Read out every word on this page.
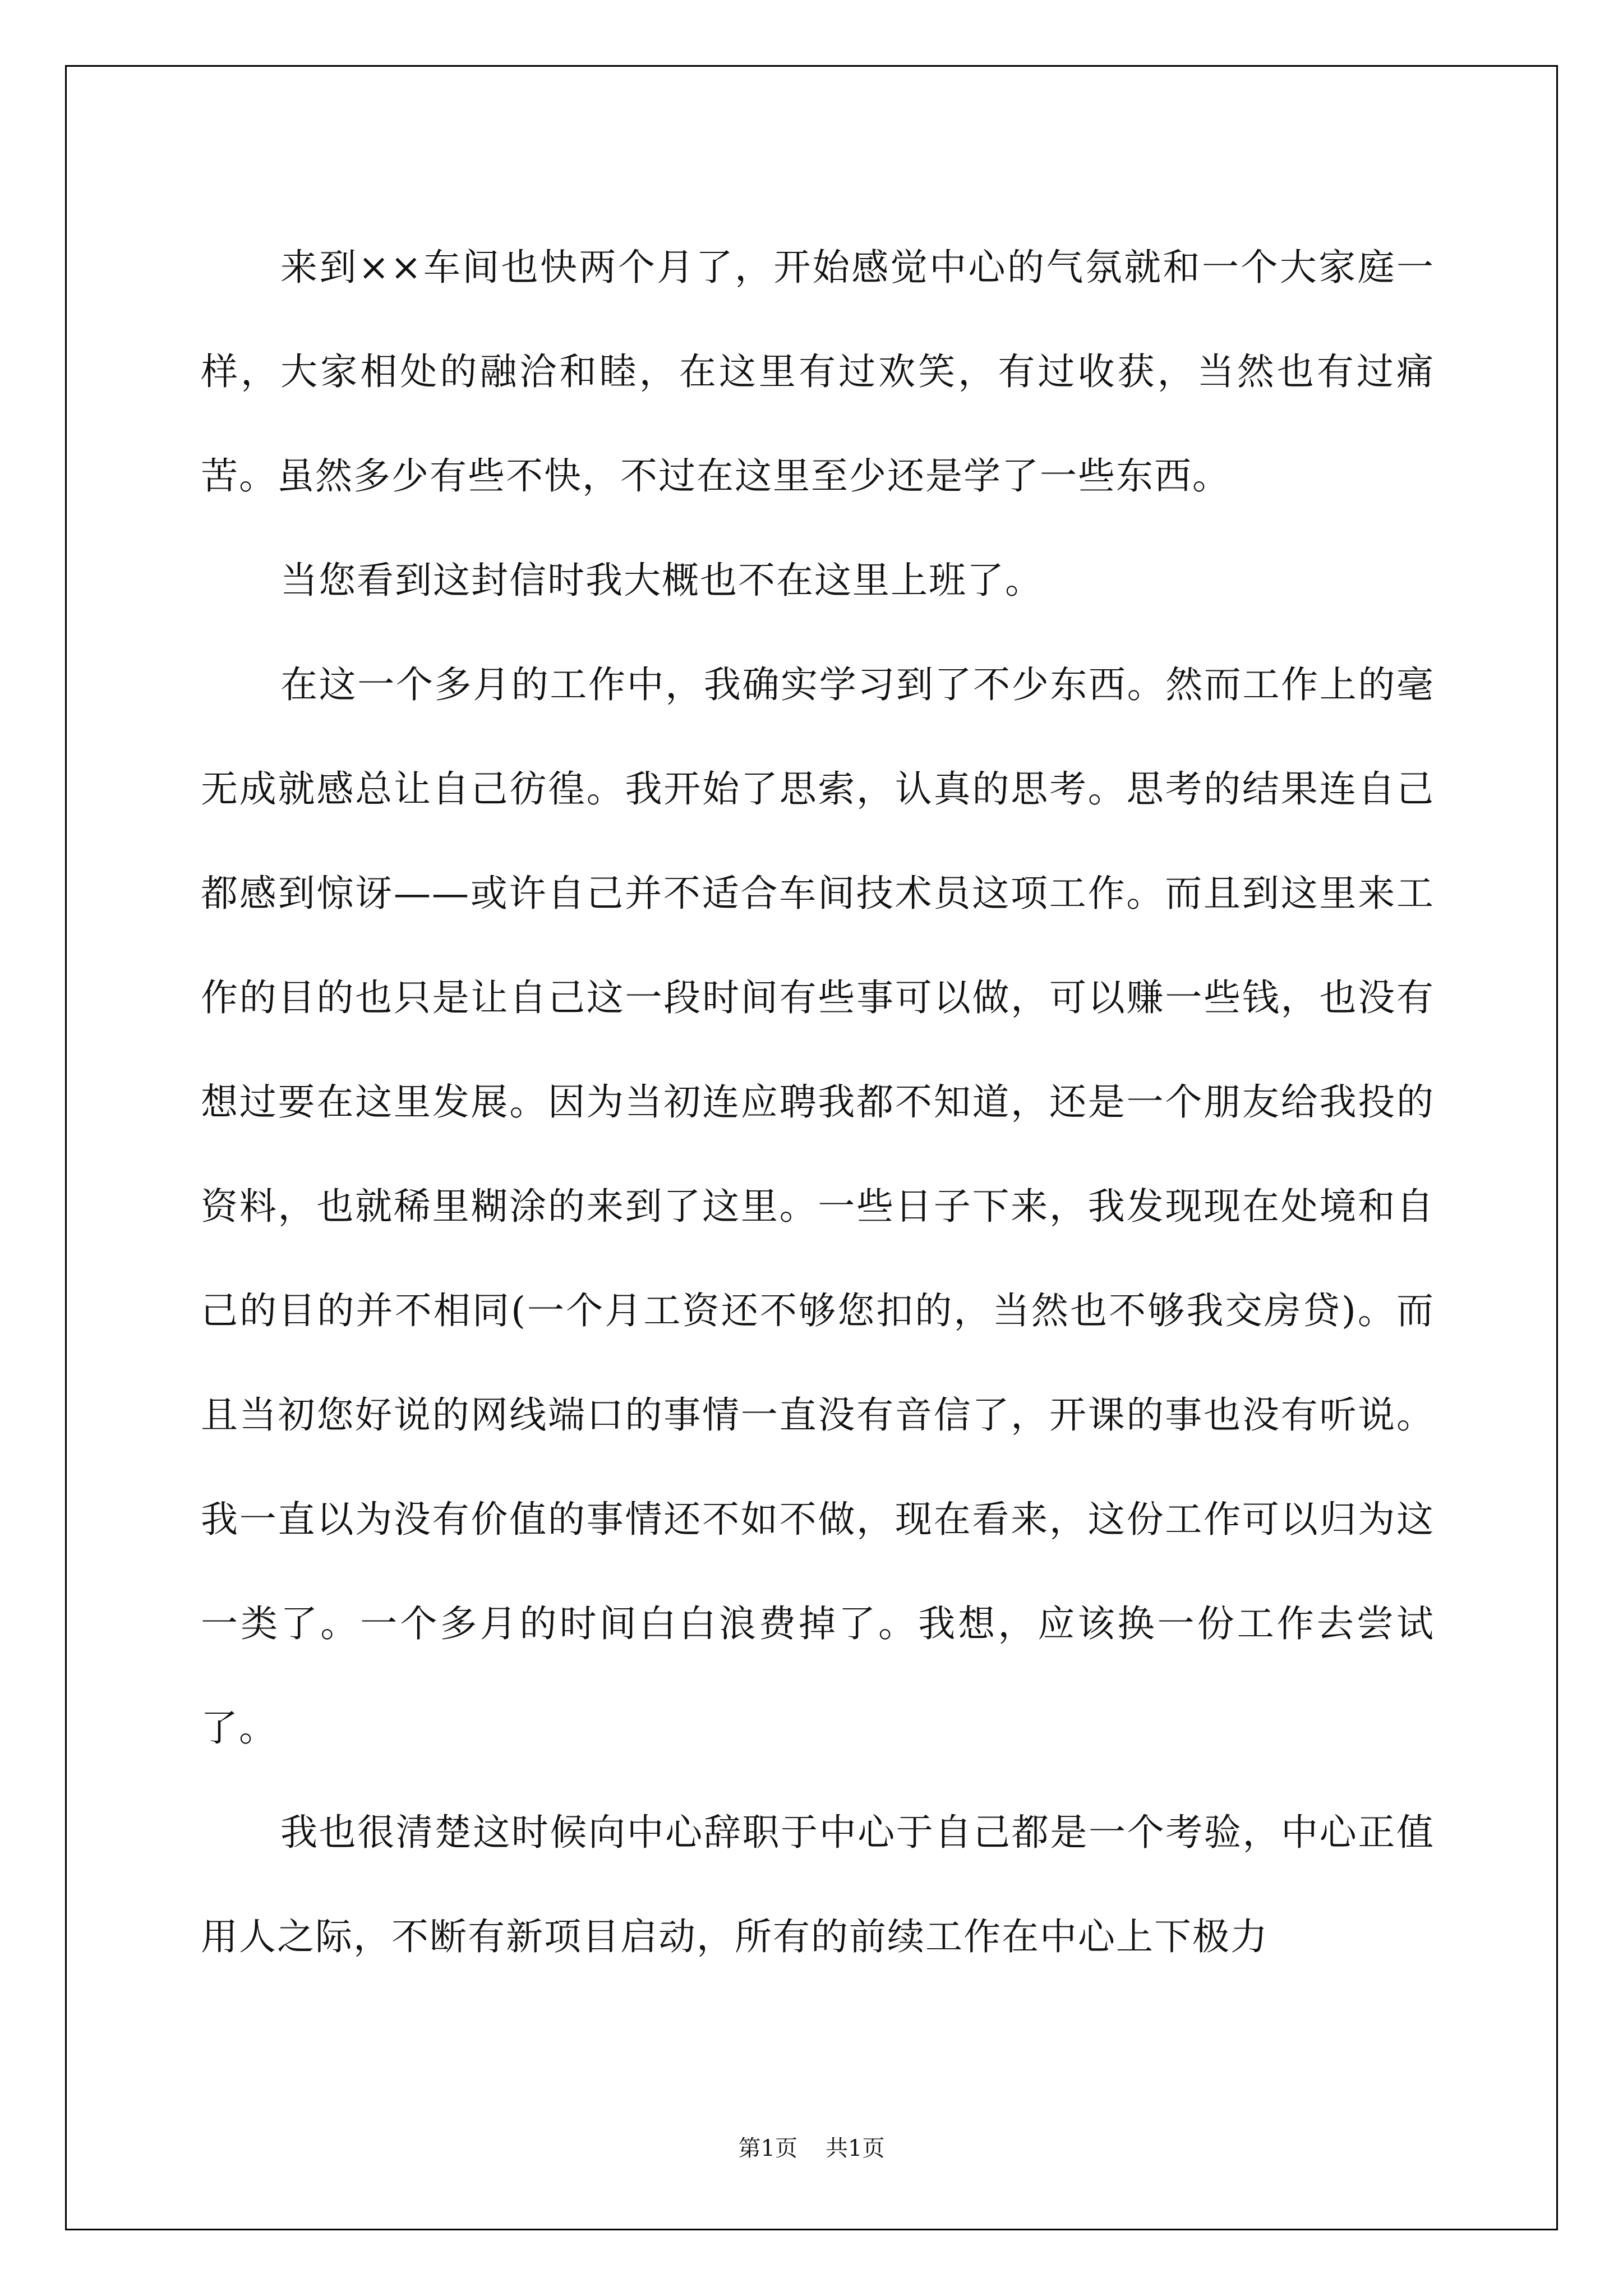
来到××车间也快两个月了，开始感觉中心的气氛就和一个大家庭一样，大家相处的融洽和睦，在这里有过欢笑，有过收获，当然也有过痛苦。虽然多少有些不快，不过在这里至少还是学了一些东西。

当您看到这封信时我大概也不在这里上班了。

在这一个多月的工作中，我确实学习到了不少东西。然而工作上的毫无成就感总让自己彷徨。我开始了思索，认真的思考。思考的结果连自己都感到惊讶——或许自己并不适合车间技术员这项工作。而且到这里来工作的目的也只是让自己这一段时间有些事可以做，可以赚一些钱，也没有想过要在这里发展。因为当初连应聘我都不知道，还是一个朋友给我投的资料，也就稀里糊涂的来到了这里。一些日子下来，我发现现在处境和自己的目的并不相同(一个月工资还不够您扣的，当然也不够我交房贷)。而且当初您好说的网线端口的事情一直没有音信了，开课的事也没有听说。我一直以为没有价值的事情还不如不做，现在看来，这份工作可以归为这一类了。一个多月的时间白白浪费掉了。我想，应该换一份工作去尝试了。

我也很清楚这时候向中心辞职于中心于自己都是一个考验，中心正值用人之际，不断有新项目启动，所有的前续工作在中心上下极力

第1页 共1页
